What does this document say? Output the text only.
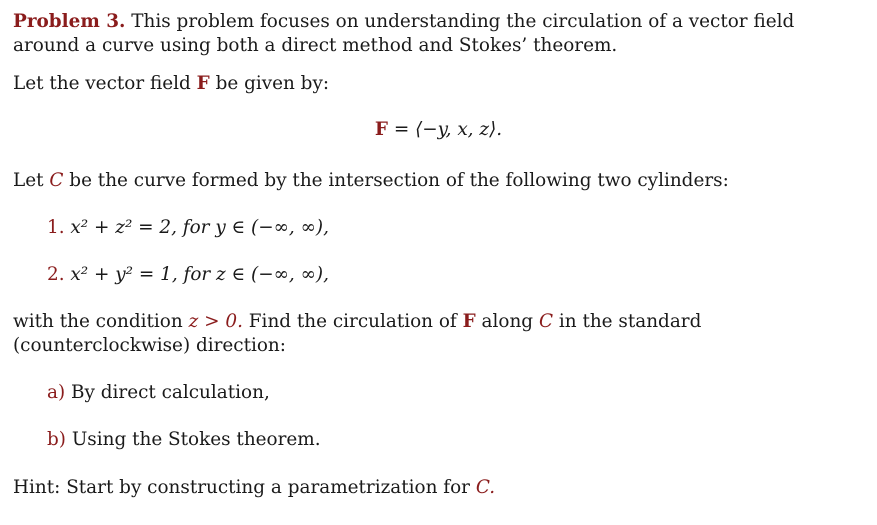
Problem 3. This problem focuses on understanding the circulation of a vector field around a curve using both a direct method and Stokes’ theorem.

Let the vector field F be given by:

F = ⟨−y, x, z⟩.

Let C be the curve formed by the intersection of the following two cylinders:

1. x² + z² = 2, for y ∈ (−∞, ∞),
2. x² + y² = 1, for z ∈ (−∞, ∞),

with the condition z > 0. Find the circulation of F along C in the standard (counterclockwise) direction:

a) By direct calculation,
b) Using the Stokes theorem.

Hint: Start by constructing a parametrization for C.
